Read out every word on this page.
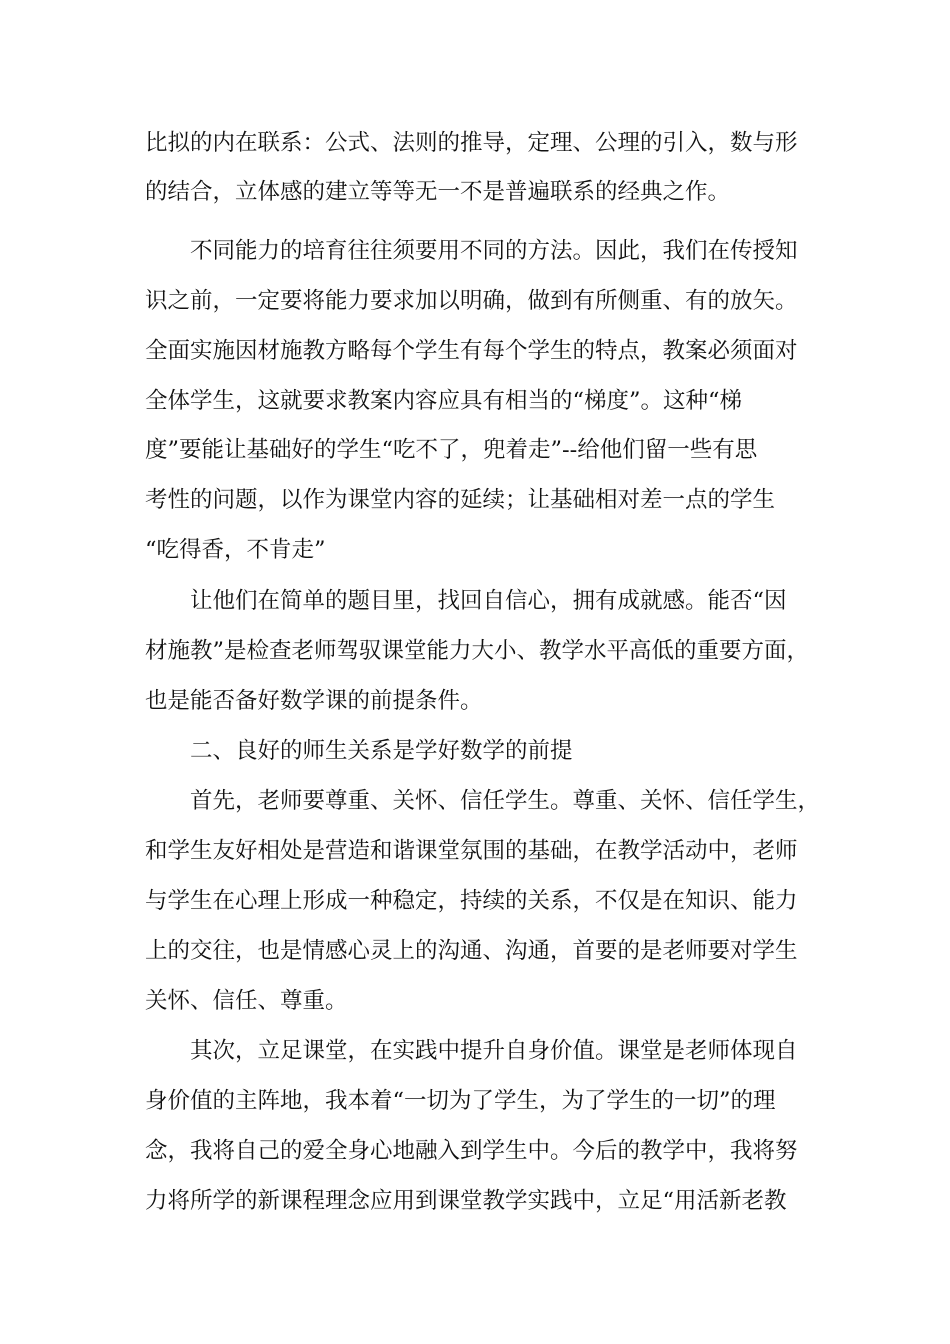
比拟的内在联系：公式、法则的推导，定理、公理的引入，数与形
的结合，立体感的建立等等无一不是普遍联系的经典之作。
不同能力的培育往往须要用不同的方法。因此，我们在传授知
识之前，一定要将能力要求加以明确，做到有所侧重、有的放矢。
全面实施因材施教方略每个学生有每个学生的特点，教案必须面对
全体学生，这就要求教案内容应具有相当的“梯度”。这种“梯
度”要能让基础好的学生“吃不了，兜着走”--给他们留一些有思
考性的问题，以作为课堂内容的延续；让基础相对差一点的学生
“吃得香，不肯走”
让他们在简单的题目里，找回自信心，拥有成就感。能否“因
材施教”是检查老师驾驭课堂能力大小、教学水平高低的重要方面，
也是能否备好数学课的前提条件。
二、良好的师生关系是学好数学的前提
首先，老师要尊重、关怀、信任学生。尊重、关怀、信任学生，
和学生友好相处是营造和谐课堂氛围的基础，在教学活动中，老师
与学生在心理上形成一种稳定，持续的关系，不仅是在知识、能力
上的交往，也是情感心灵上的沟通、沟通，首要的是老师要对学生
关怀、信任、尊重。
其次，立足课堂，在实践中提升自身价值。课堂是老师体现自
身价值的主阵地，我本着“一切为了学生，为了学生的一切”的理
念，我将自己的爱全身心地融入到学生中。今后的教学中，我将努
力将所学的新课程理念应用到课堂教学实践中，立足“用活新老教
